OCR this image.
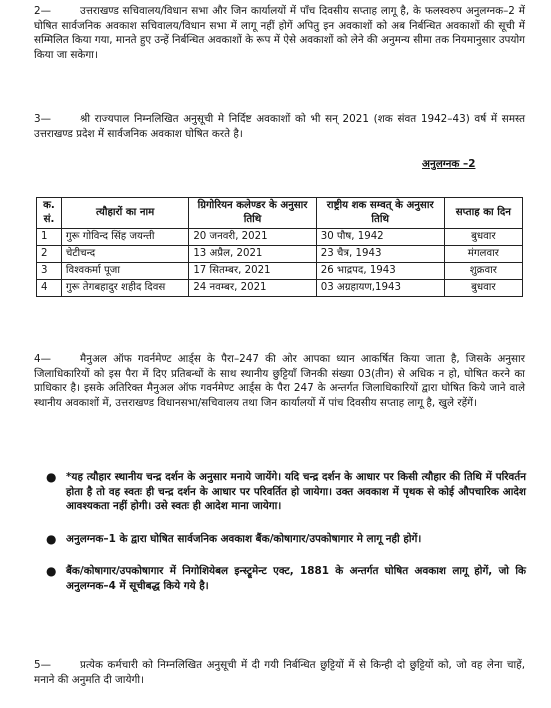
2—	उत्तराखण्ड सचिवालय/विधान सभा और जिन कार्यालयों में पाँच दिवसीय सप्ताह लागू है, के फलस्वरुप अनुलग्नक–2 में घोषित सार्वजनिक अवकाश सचिवालय/विधान सभा में लागू नहीं होगें अपितु इन अवकाशों को अब निर्बन्धित अवकाशों की सूची में सम्मिलित किया गया, मानते हुए उन्हें निर्बन्धित अवकाशों के रूप में ऐसे अवकाशों को लेने की अनुमन्य सीमा तक नियमानुसार उपयोग किया जा सकेगा।
3—	श्री राज्यपाल निम्नलिखित अनुसूची मे निर्दिष्ट अवकाशों को भी सन् 2021 (शक संवत 1942–43) वर्ष में समस्त उत्तराखण्ड प्रदेश में सार्वजनिक अवकाश घोषित करते है।
अनुलग्नक –2
क. सं.	त्यौहारों का नाम	ग्रिगोरियन कलेण्डर के अनुसार तिथि	राष्ट्रीय शक सम्वत् के अनुसार तिथि	सप्ताह का दिन
1	गुरू गोविन्द सिंह जयन्ती	20 जनवरी, 2021	30 पौष, 1942	बुधवार
2	चेटीचन्द	13 अप्रैल, 2021	23 चैत्र, 1943	मंगलवार
3	विश्वकर्मा पूजा	17 सितम्बर, 2021	26 भाद्रपद, 1943	शुक्रवार
4	गुरू तेगबहादुर शहीद दिवस	24 नवम्बर, 2021	03 अग्रहायण,1943	बुधवार
4—	मैनुअल ऑफ गवर्नमेण्ट आर्ड्स के पैरा–247 की ओर आपका ध्यान आकर्षित किया जाता है, जिसके अनुसार जिलाधिकारियों को इस पैरा में दिए प्रतिबन्धों के साथ स्थानीय छुट्टियाँ जिनकी संख्या 03(तीन) से अधिक न हो, घोषित करने का प्राधिकार है। इसके अतिरिक्त मैनुअल ऑफ गवर्नमेण्ट आर्ड्स के पैरा 247 के अन्तर्गत जिलाधिकारियों द्वारा घोषित किये जाने वाले स्थानीय अवकाशों में, उत्तराखण्ड विधानसभा/सचिवालय तथा जिन कार्यालयों में पांच दिवसीय सप्ताह लागू है, खुले रहेंगें।
● *यह त्यौहार स्थानीय चन्द्र दर्शन के अनुसार मनाये जायेंगे। यदि चन्द्र दर्शन के आधार पर किसी त्यौहार की तिथि में परिवर्तन होता है तो वह स्वतः ही चन्द्र दर्शन के आधार पर परिवर्तित हो जायेगा। उक्त अवकाश में पृथक से कोई औपचारिक आदेश आवश्यकता नहीं होगी। उसे स्वतः ही आदेश माना जायेगा।
● अनुलग्नक–1 के द्वारा घोषित सार्वजनिक अवकाश बैंक/कोषागार/उपकोषागार मे लागू नही होगें।
● बैंक/कोषागार/उपकोषागार में निगोशियेबल इन्स्ट्रूमेन्ट एक्ट, 1881 के अन्तर्गत घोषित अवकाश लागू होगें, जो कि अनुलग्नक–4 में सूचीबद्ध किये गये है।
5—	प्रत्येक कर्मचारी को निम्नलिखित अनुसूची में दी गयी निर्बन्धित छुट्टियों में से किन्ही दो छुट्टियों को, जो वह लेना चाहें, मनाने की अनुमति दी जायेगी।
